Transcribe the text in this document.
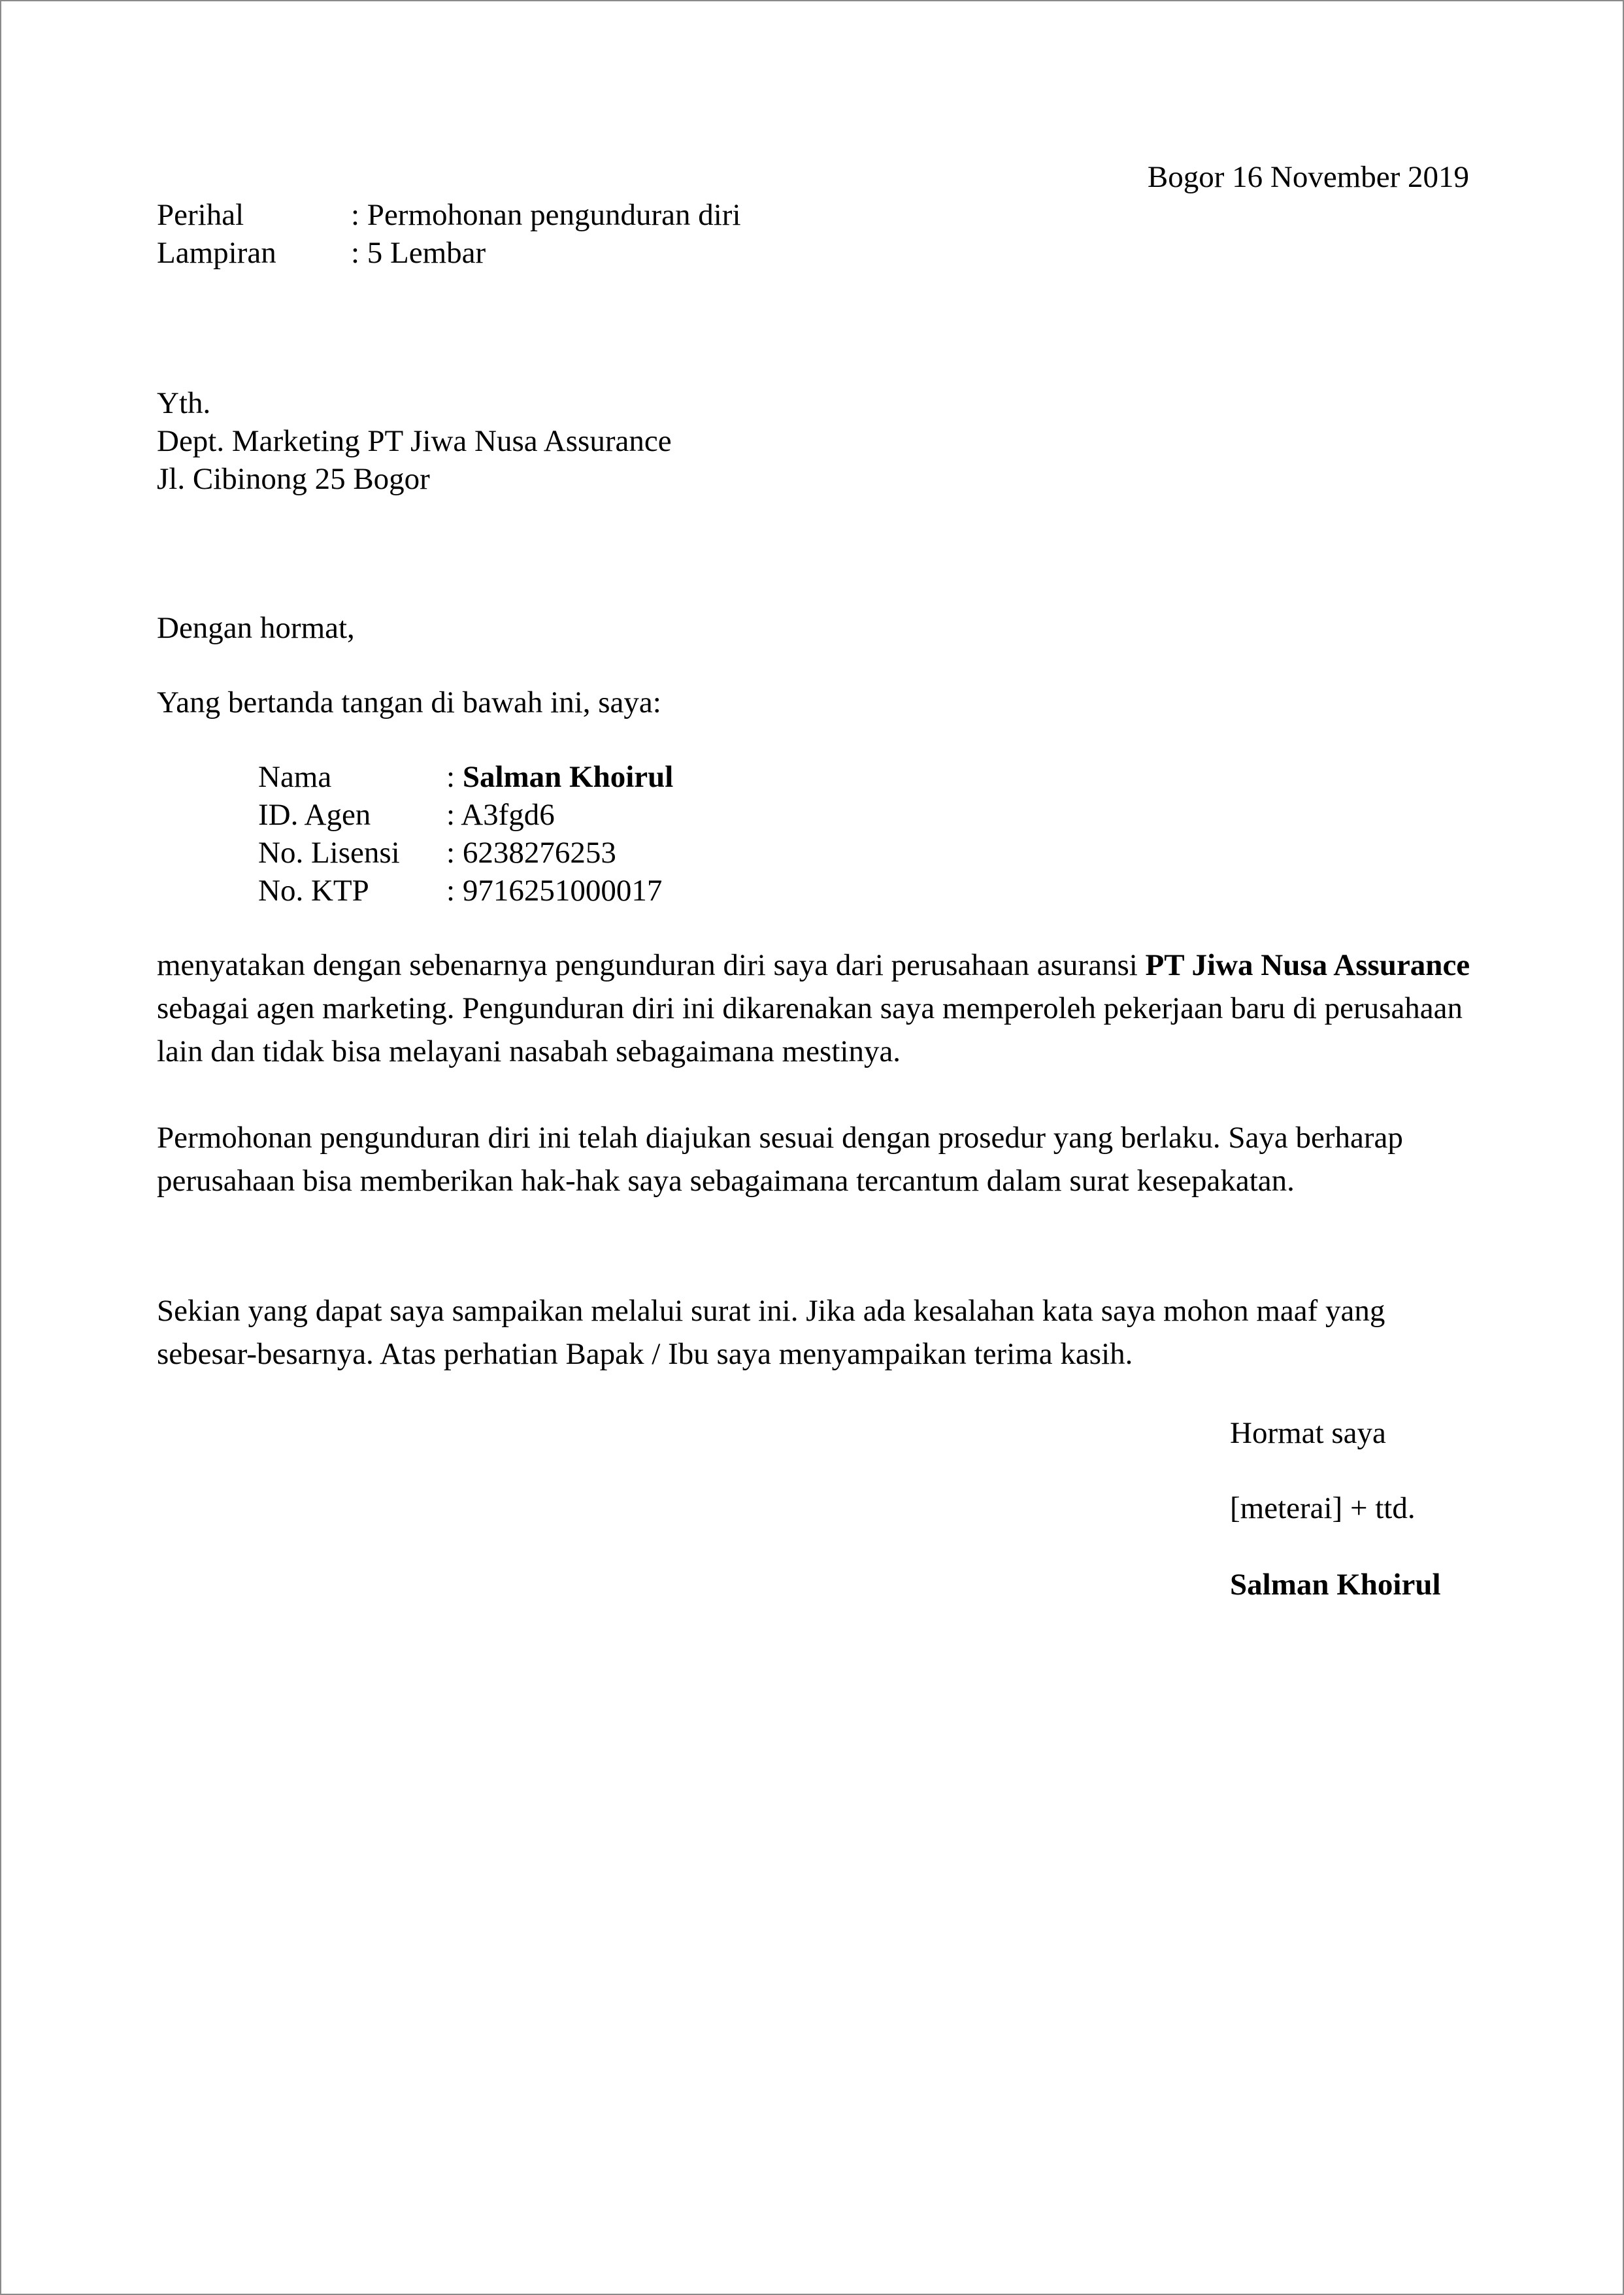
Bogor 16 November 2019
Perihal	: Permohonan pengunduran diri
Lampiran : 5 Lembar
Yth.
Dept. Marketing PT Jiwa Nusa Assurance
Jl. Cibinong 25 Bogor
Dengan hormat,
Yang bertanda tangan di bawah ini, saya:
Nama	: Salman Khoirul
ID. Agen : A3fgd6
No. Lisensi : 6238276253
No. KTP	: 9716251000017
menyatakan dengan sebenarnya pengunduran diri saya dari perusahaan asuransi PT Jiwa Nusa Assurance sebagai agen marketing. Pengunduran diri ini dikarenakan saya memperoleh pekerjaan baru di perusahaan lain dan tidak bisa melayani nasabah sebagaimana mestinya.
Permohonan pengunduran diri ini telah diajukan sesuai dengan prosedur yang berlaku. Saya berharap perusahaan bisa memberikan hak-hak saya sebagaimana tercantum dalam surat kesepakatan.
Sekian yang dapat saya sampaikan melalui surat ini. Jika ada kesalahan kata saya mohon maaf yang sebesar-besarnya. Atas perhatian Bapak / Ibu saya menyampaikan terima kasih.
Hormat saya
[meterai] + ttd.
Salman Khoirul
